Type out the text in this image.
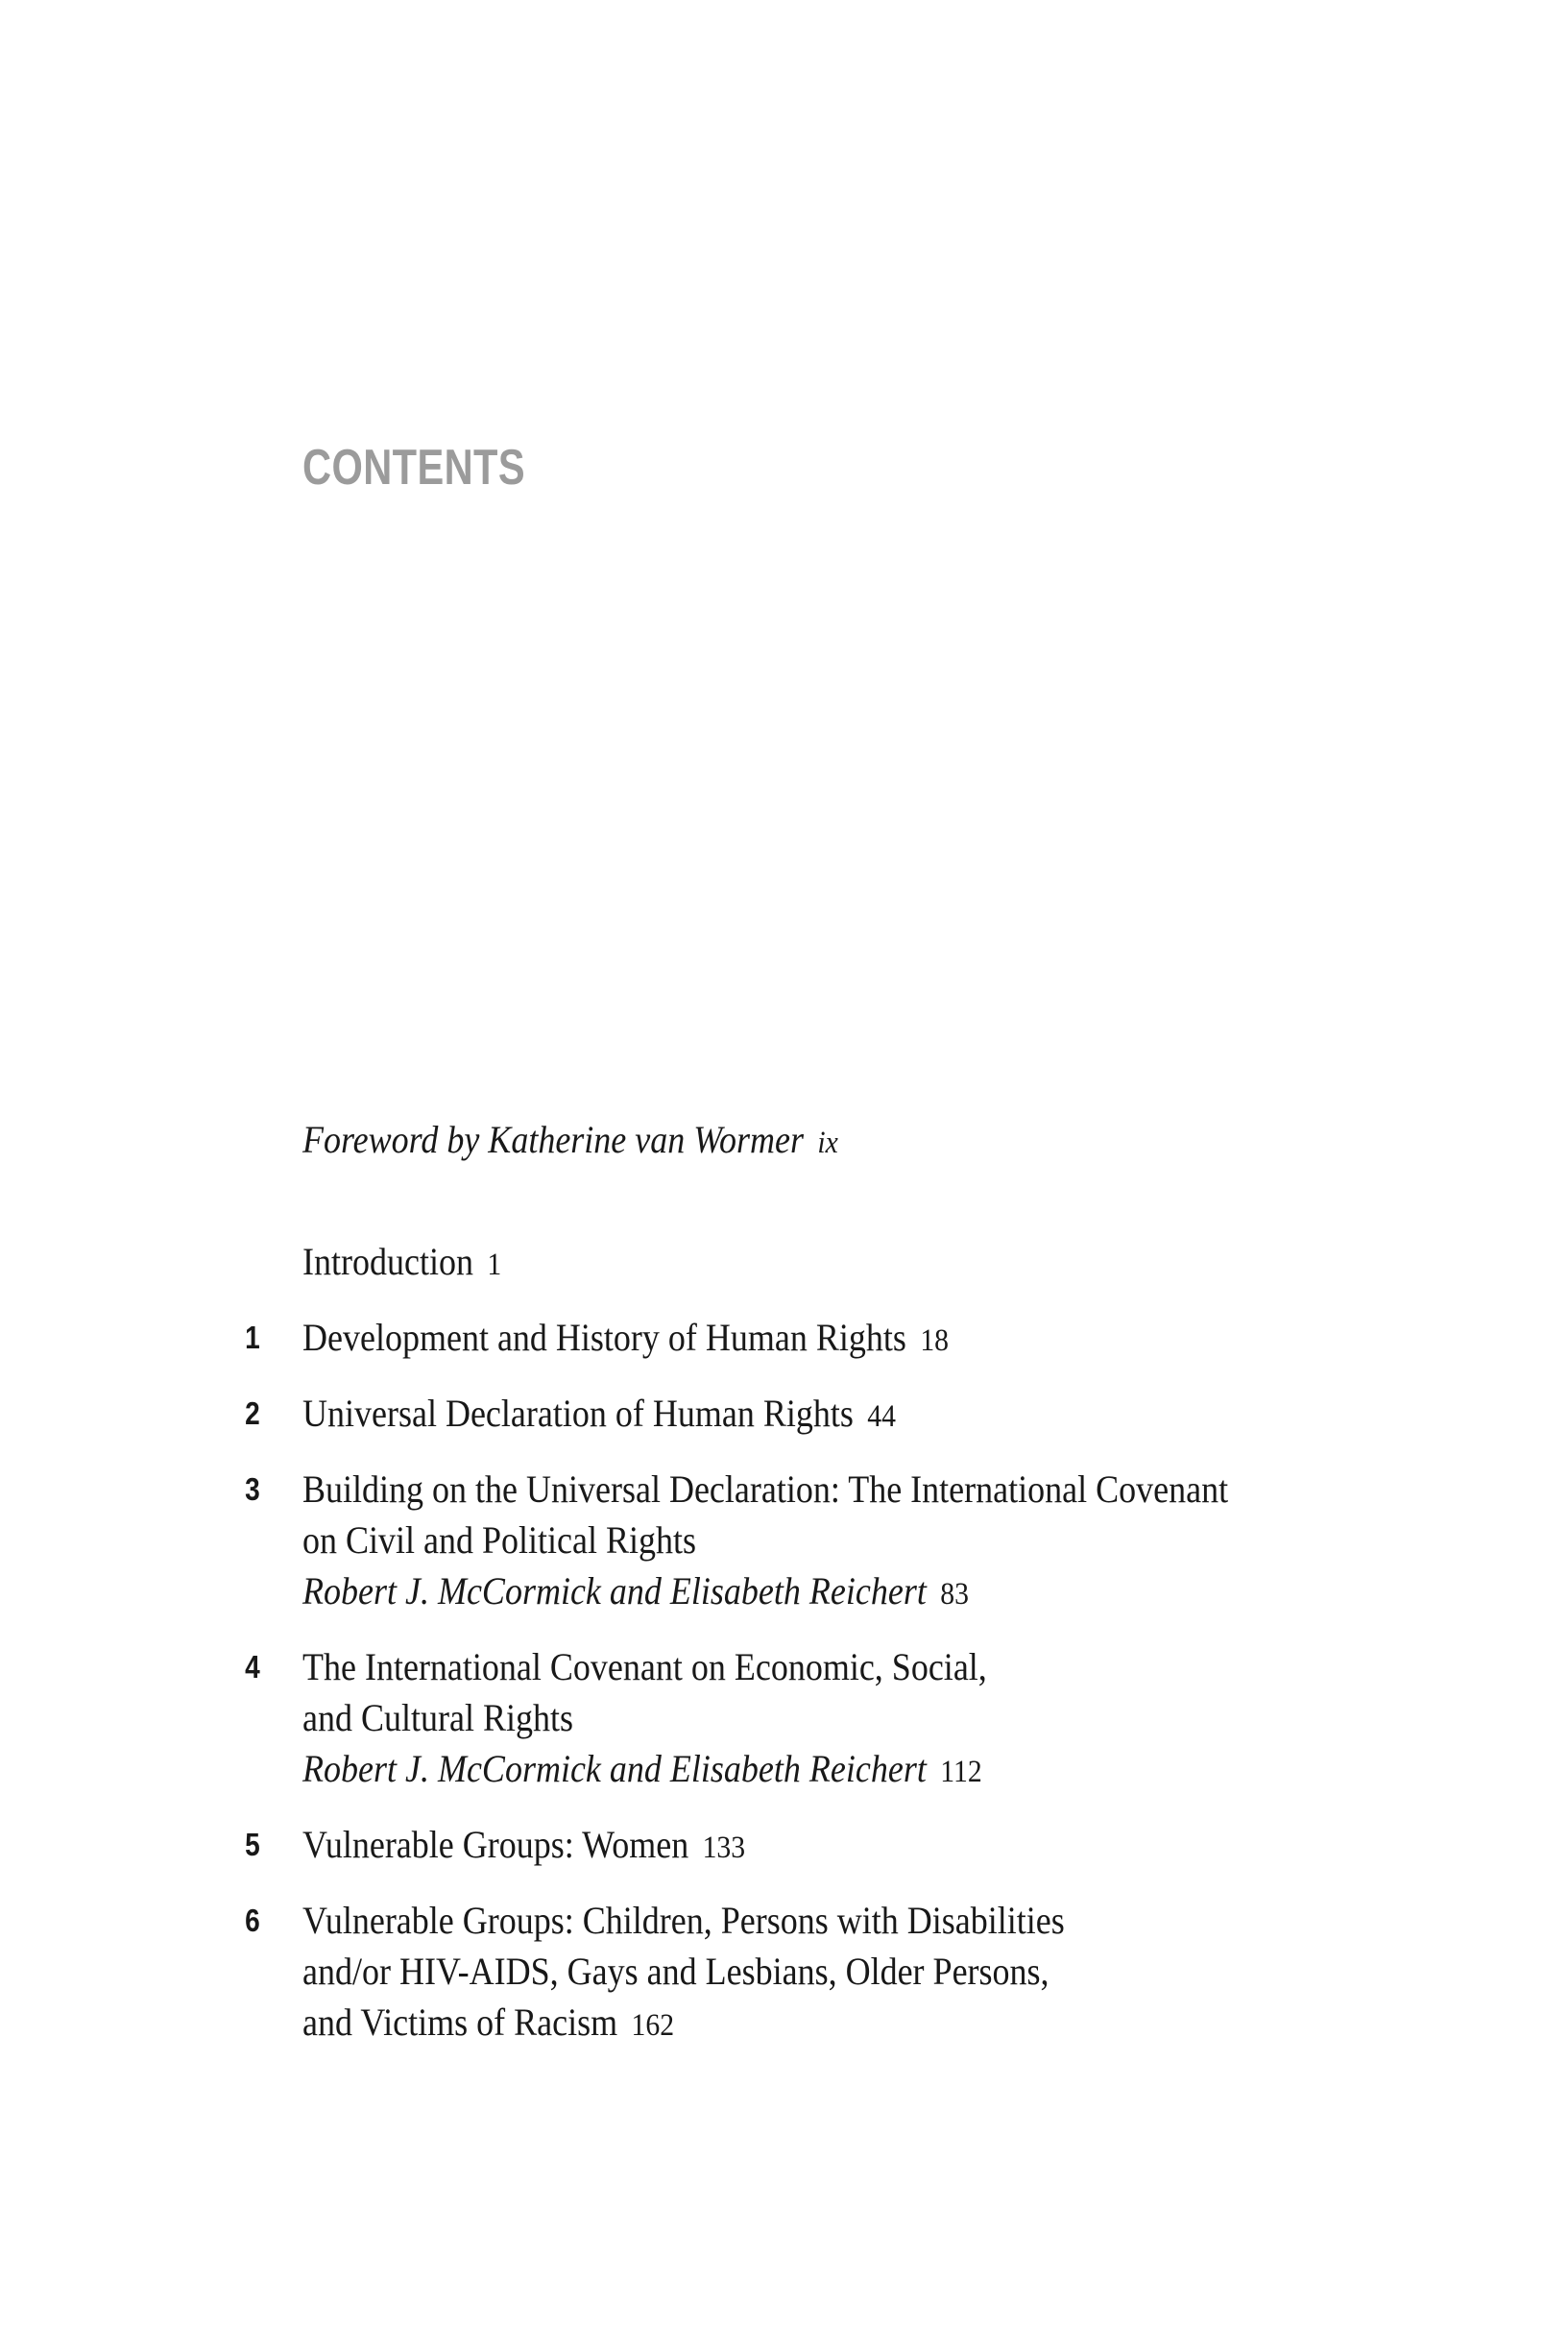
CONTENTS
Foreword by Katherine van Wormer ix
Introduction 1
1	Development and History of Human Rights 18
2	Universal Declaration of Human Rights 44
3	Building on the Universal Declaration: The International Covenant
on Civil and Political Rights
Robert J. McCormick and Elisabeth Reichert 83
4	The International Covenant on Economic, Social,
and Cultural Rights
Robert J. McCormick and Elisabeth Reichert 112
5	Vulnerable Groups: Women 133
6	Vulnerable Groups: Children, Persons with Disabilities
and/or HIV-AIDS, Gays and Lesbians, Older Persons,
and Victims of Racism 162
